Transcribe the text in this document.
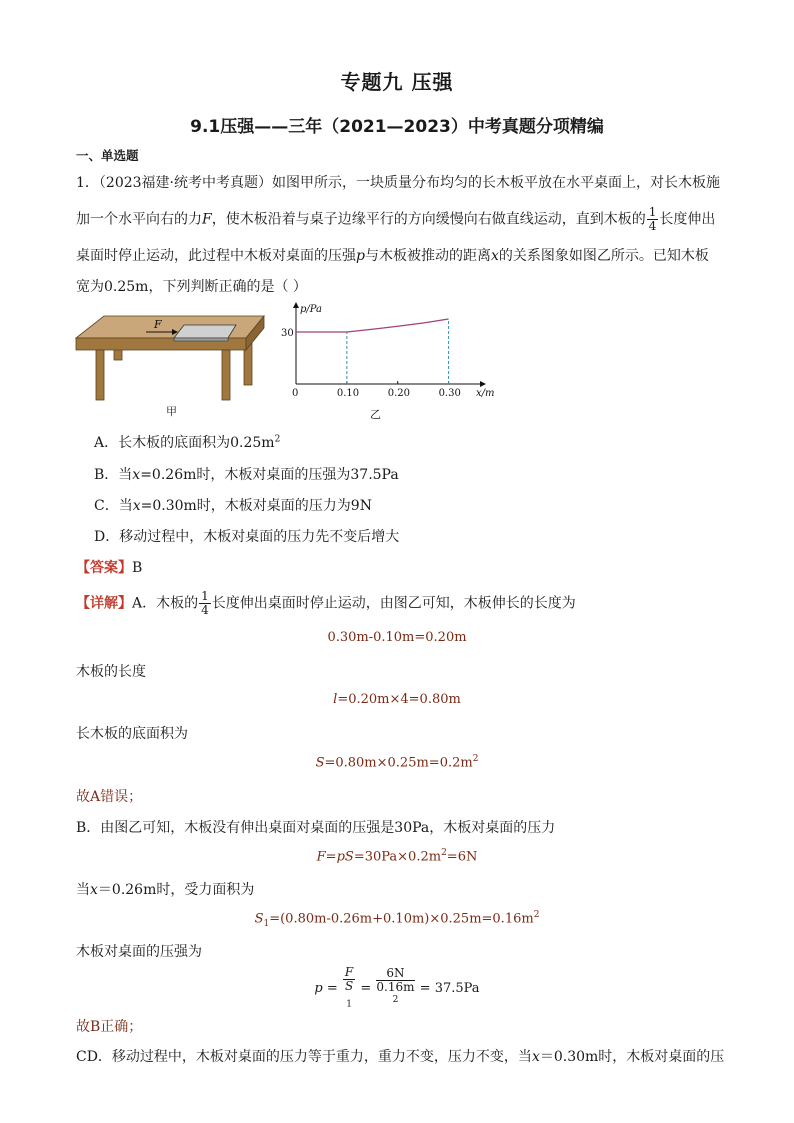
专题九 压强
9.1压强——三年（2021—2023）中考真题分项精编
一、单选题
1．（2023福建·统考中考真题）如图甲所示，一块质量分布均匀的长木板平放在水平桌面上，对长木板施
加一个水平向右的力F，使木板沿着与桌子边缘平行的方向缓慢向右做直线运动，直到木板的 $\frac{1}{4}$ 长度伸出
桌面时停止运动，此过程中木板对桌面的压强p与木板被推动的距离x的关系图象如图乙所示。已知木板
宽为0.25m，下列判断正确的是（ ）
F
甲
0	0.10	0.20	0.30
30
p/Pa
x/m
乙
A．长木板的底面积为$0.25m^2$
B．当x=0.26m时，木板对桌面的压强为37.5Pa
C．当x=0.30m时，木板对桌面的压力为9N
D．移动过程中，木板对桌面的压力先不变后增大
【答案】B
【详解】A．木板的 $\frac{1}{4}$ 长度伸出桌面时停止运动，由图乙可知，木板伸长的长度为
0.30m-0.10m=0.20m
木板的长度
l=0.20m×4=0.80m
长木板的底面积为
$S=0.80m\times 0.25m=0.2m^2$
故A错误；
B．由图乙可知，木板没有伸出桌面对桌面的压强是30Pa，木板对桌面的压力
$F=pS=30Pa\times 0.2m^2=6N$
当x＝0.26m时，受力面积为
$S_1=(0.80m-0.26m+0.10m)\times 0.25m=0.16m^2$
木板对桌面的压强为
p = F
S
$_1$ = 6N
0.16m
$^2$ = 37.5Pa
故B正确；
CD．移动过程中，木板对桌面的压力等于重力，重力不变，压力不变，当x＝0.30m时，木板对桌面的压
